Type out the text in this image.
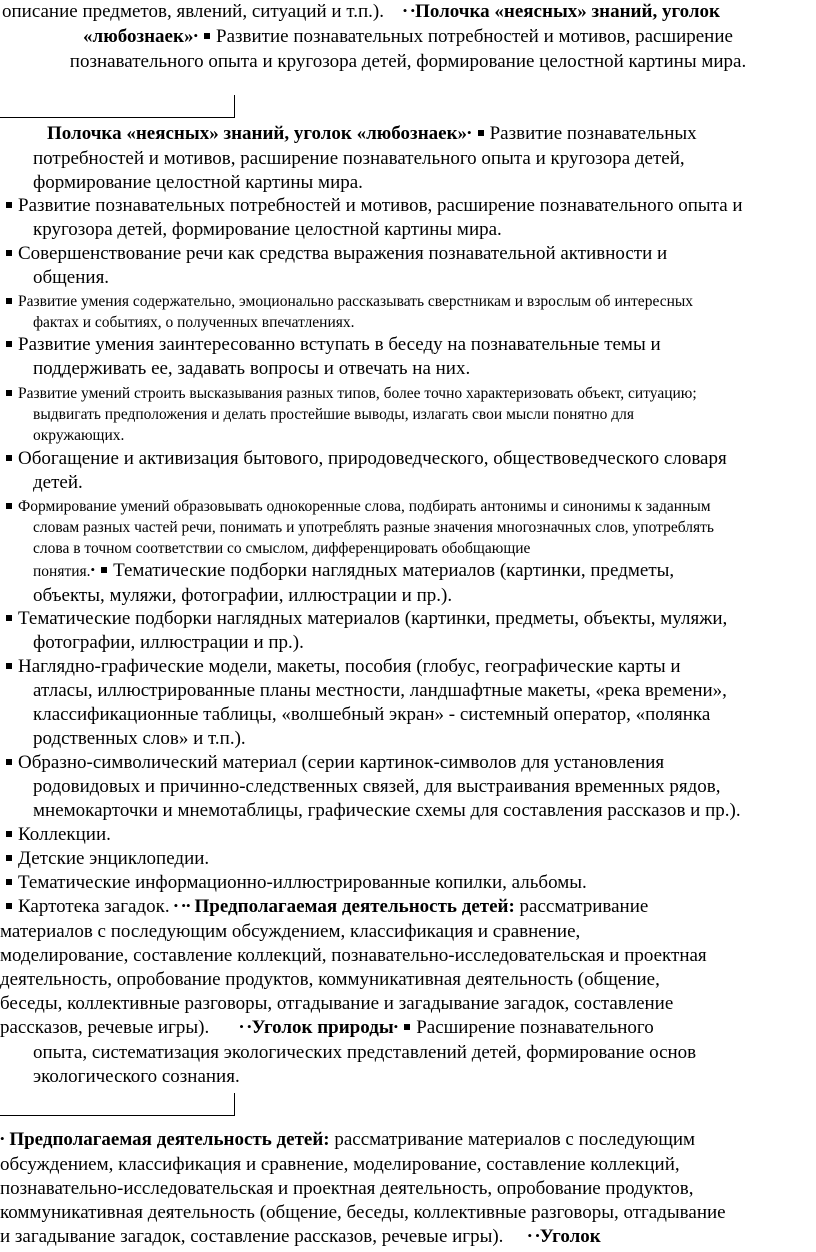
описание предметов, явлений, ситуаций и т.п.). • •Полочка «неясных» знаний, уголок
«любознаек»• Развитие познавательных потребностей и мотивов, расширение
познавательного опыта и кругозора детей, формирование целостной картины мира.
Полочка «неясных» знаний, уголок «любознаек»• Развитие познавательных
потребностей и мотивов, расширение познавательного опыта и кругозора детей,
формирование целостной картины мира.
Развитие познавательных потребностей и мотивов, расширение познавательного опыта и
кругозора детей, формирование целостной картины мира.
Совершенствование речи как средства выражения познавательной активности и
общения.
Развитие умения содержательно, эмоционально рассказывать сверстникам и взрослым об интересных
фактах и событиях, о полученных впечатлениях.
Развитие умения заинтересованно вступать в беседу на познавательные темы и
поддерживать ее, задавать вопросы и отвечать на них.
Развитие умений строить высказывания разных типов, более точно характеризовать объект, ситуацию;
выдвигать предположения и делать простейшие выводы, излагать свои мысли понятно для
окружающих.
Обогащение и активизация бытового, природоведческого, обществоведческого словаря
детей.
Формирование умений образовывать однокоренные слова, подбирать антонимы и синонимы к заданным
словам разных частей речи, понимать и употреблять разные значения многозначных слов, употреблять
слова в точном соответствии со смыслом, дифференцировать обобщающие
понятия.• Тематические подборки наглядных материалов (картинки, предметы,
объекты, муляжи, фотографии, иллюстрации и пр.).
Тематические подборки наглядных материалов (картинки, предметы, объекты, муляжи,
фотографии, иллюстрации и пр.).
Наглядно-графические модели, макеты, пособия (глобус, географические карты и
атласы, иллюстрированные планы местности, ландшафтные макеты, «река времени»,
классификационные таблицы, «волшебный экран» - системный оператор, «полянка
родственных слов» и т.п.).
Образно-символический материал (серии картинок-символов для установления
родовидовых и причинно-следственных связей, для выстраивания временных рядов,
мнемокарточки и мнемотаблицы, графические схемы для составления рассказов и пр.).
Коллекции.
Детские энциклопедии.
Тематические информационно-иллюстрированные копилки, альбомы.
Картотека загадок. • •• Предполагаемая деятельность детей: рассматривание
материалов с последующим обсуждением, классификация и сравнение,
моделирование, составление коллекций, познавательно-исследовательская и проектная
деятельность, опробование продуктов, коммуникативная деятельность (общение,
беседы, коллективные разговоры, отгадывание и загадывание загадок, составление
рассказов, речевые игры). • •Уголок природы• Расширение познавательного
опыта, систематизация экологических представлений детей, формирование основ
экологического сознания.
• Предполагаемая деятельность детей: рассматривание материалов с последующим
обсуждением, классификация и сравнение, моделирование, составление коллекций,
познавательно-исследовательская и проектная деятельность, опробование продуктов,
коммуникативная деятельность (общение, беседы, коллективные разговоры, отгадывание
и загадывание загадок, составление рассказов, речевые игры). • •Уголок
